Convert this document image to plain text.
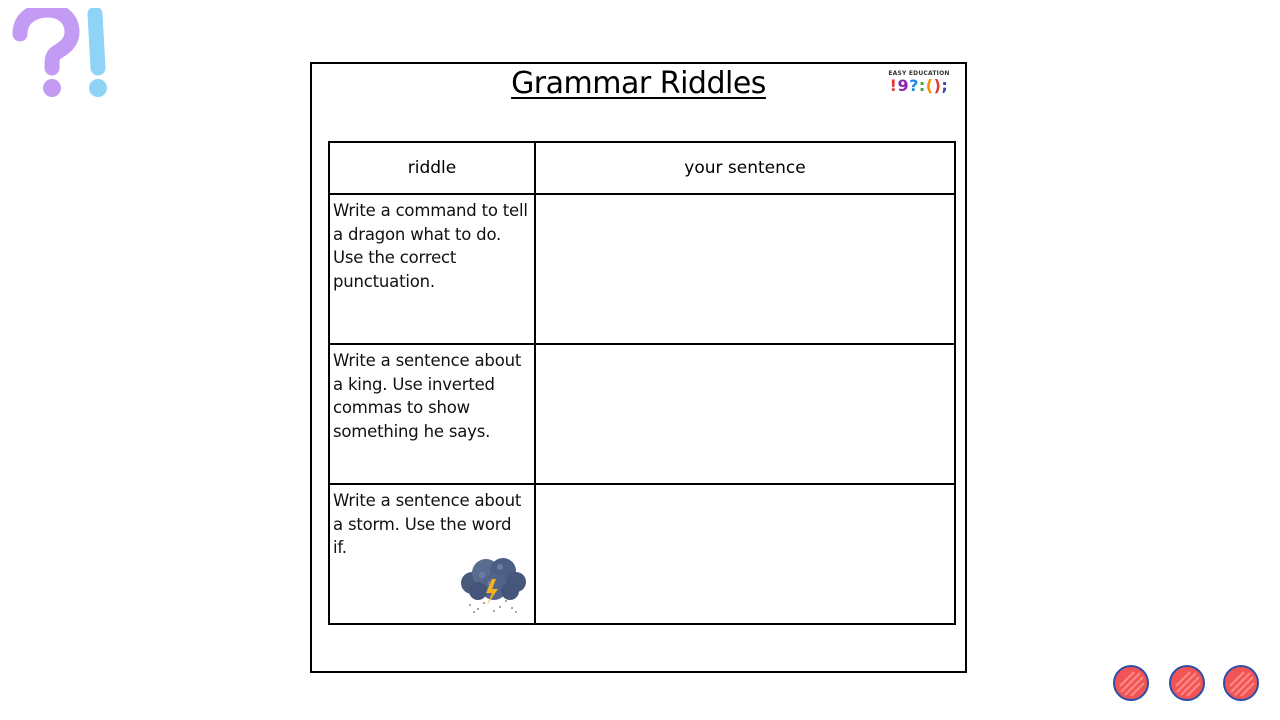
Grammar Riddles	EASY EDUCATION
!9?:();
riddle	your sentence

Write a command to tell a dragon what to do. Use the correct punctuation.	

Write a sentence about a king. Use inverted commas to show something he says.	

Write a sentence about a storm. Use the word if.	
